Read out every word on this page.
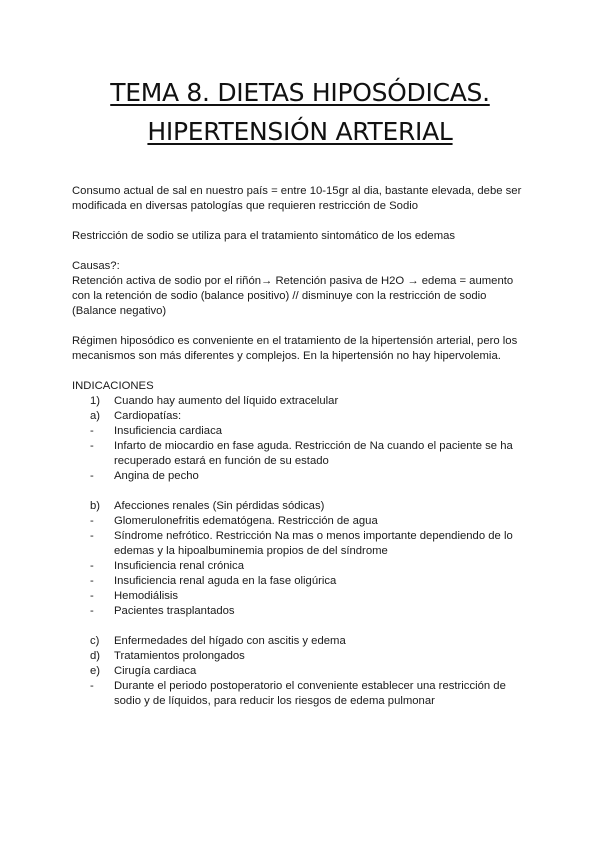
TEMA 8. DIETAS HIPOSÓDICAS.
HIPERTENSIÓN ARTERIAL

Consumo actual de sal en nuestro país = entre 10-15gr al dia, bastante elevada, debe ser modificada en diversas patologías que requieren restricción de Sodio

Restricción de sodio se utiliza para el tratamiento sintomático de los edemas

Causas?:

Retención activa de sodio por el riñón→ Retención pasiva de H2O → edema = aumento con la retención de sodio (balance positivo) // disminuye con la restricción de sodio (Balance negativo)

Régimen hiposódico es conveniente en el tratamiento de la hipertensión arterial, pero los mecanismos son más diferentes y complejos. En la hipertensión no hay hipervolemia.

INDICACIONES

1)	Cuando hay aumento del líquido extracelular
a)	Cardiopatías:
-	Insuficiencia cardiaca
-	Infarto de miocardio en fase aguda. Restricción de Na cuando el paciente se ha recuperado estará en función de su estado
-	Angina de pecho
b)	Afecciones renales (Sin pérdidas sódicas)
-	Glomerulonefritis edematógena. Restricción de agua
-	Síndrome nefrótico. Restricción Na mas o menos importante dependiendo de lo edemas y la hipoalbuminemia propios de del síndrome
-	Insuficiencia renal crónica
-	Insuficiencia renal aguda en la fase oligúrica
-	Hemodiálisis
-	Pacientes trasplantados
c)	Enfermedades del hígado con ascitis y edema
d)	Tratamientos prolongados
e)	Cirugía cardiaca
-	Durante el periodo postoperatorio el conveniente establecer una restricción de sodio y de líquidos, para reducir los riesgos de edema pulmonar
